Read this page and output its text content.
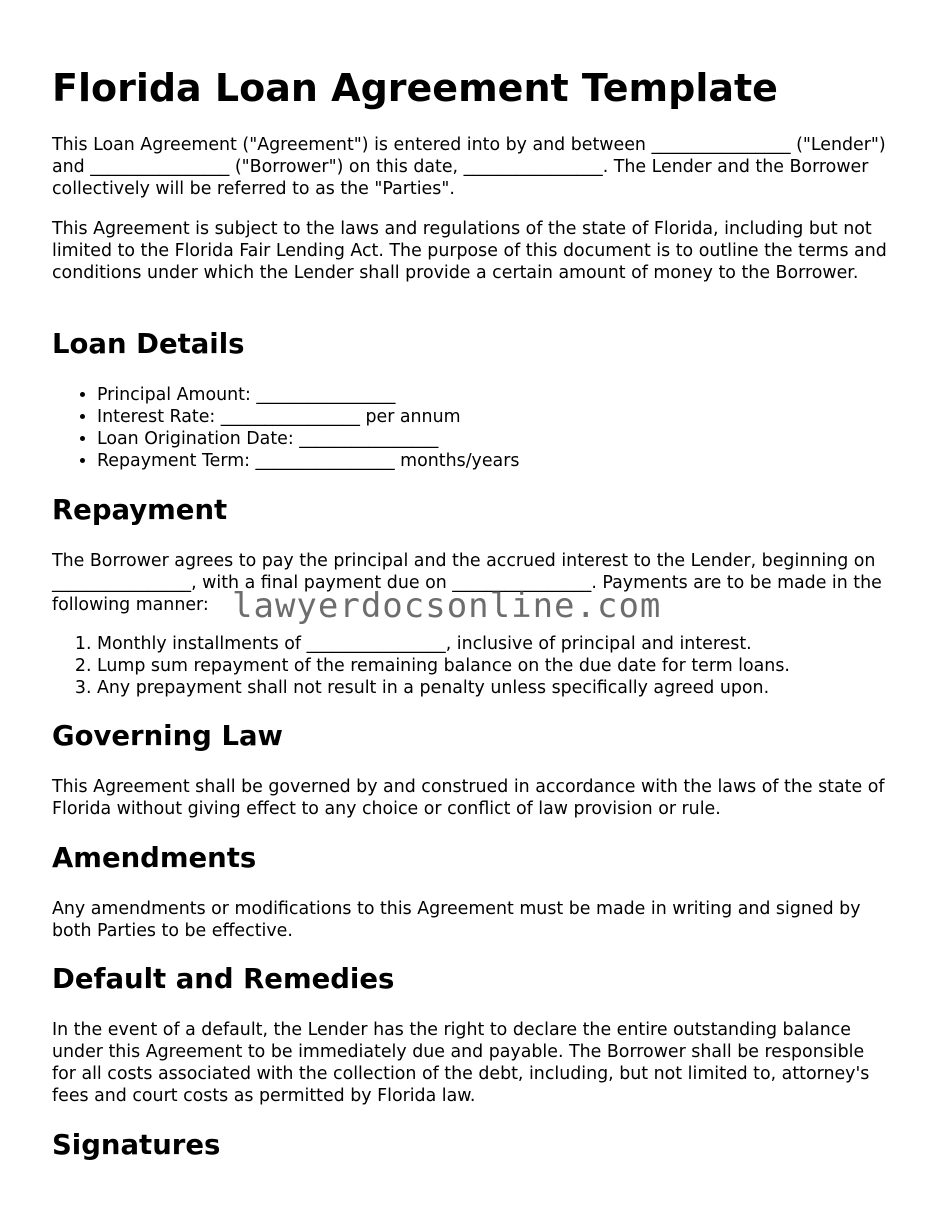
Florida Loan Agreement Template

This Loan Agreement ("Agreement") is entered into by and between ________________ ("Lender") and ________________ ("Borrower") on this date, ________________. The Lender and the Borrower collectively will be referred to as the "Parties".

This Agreement is subject to the laws and regulations of the state of Florida, including but not limited to the Florida Fair Lending Act. The purpose of this document is to outline the terms and conditions under which the Lender shall provide a certain amount of money to the Borrower.

Loan Details
• Principal Amount: ________________
• Interest Rate: ________________ per annum
• Loan Origination Date: ________________
• Repayment Term: ________________ months/years
Repayment

The Borrower agrees to pay the principal and the accrued interest to the Lender, beginning on ________________, with a final payment due on ________________. Payments are to be made in the following manner:

1. Monthly installments of ________________, inclusive of principal and interest.
2. Lump sum repayment of the remaining balance on the due date for term loans.
3. Any prepayment shall not result in a penalty unless specifically agreed upon.
Governing Law

This Agreement shall be governed by and construed in accordance with the laws of the state of Florida without giving effect to any choice or conflict of law provision or rule.

Amendments

Any amendments or modifications to this Agreement must be made in writing and signed by both Parties to be effective.

Default and Remedies

In the event of a default, the Lender has the right to declare the entire outstanding balance under this Agreement to be immediately due and payable. The Borrower shall be responsible for all costs associated with the collection of the debt, including, but not limited to, attorney's fees and court costs as permitted by Florida law.

Signatures
lawyerdocsonline.com
